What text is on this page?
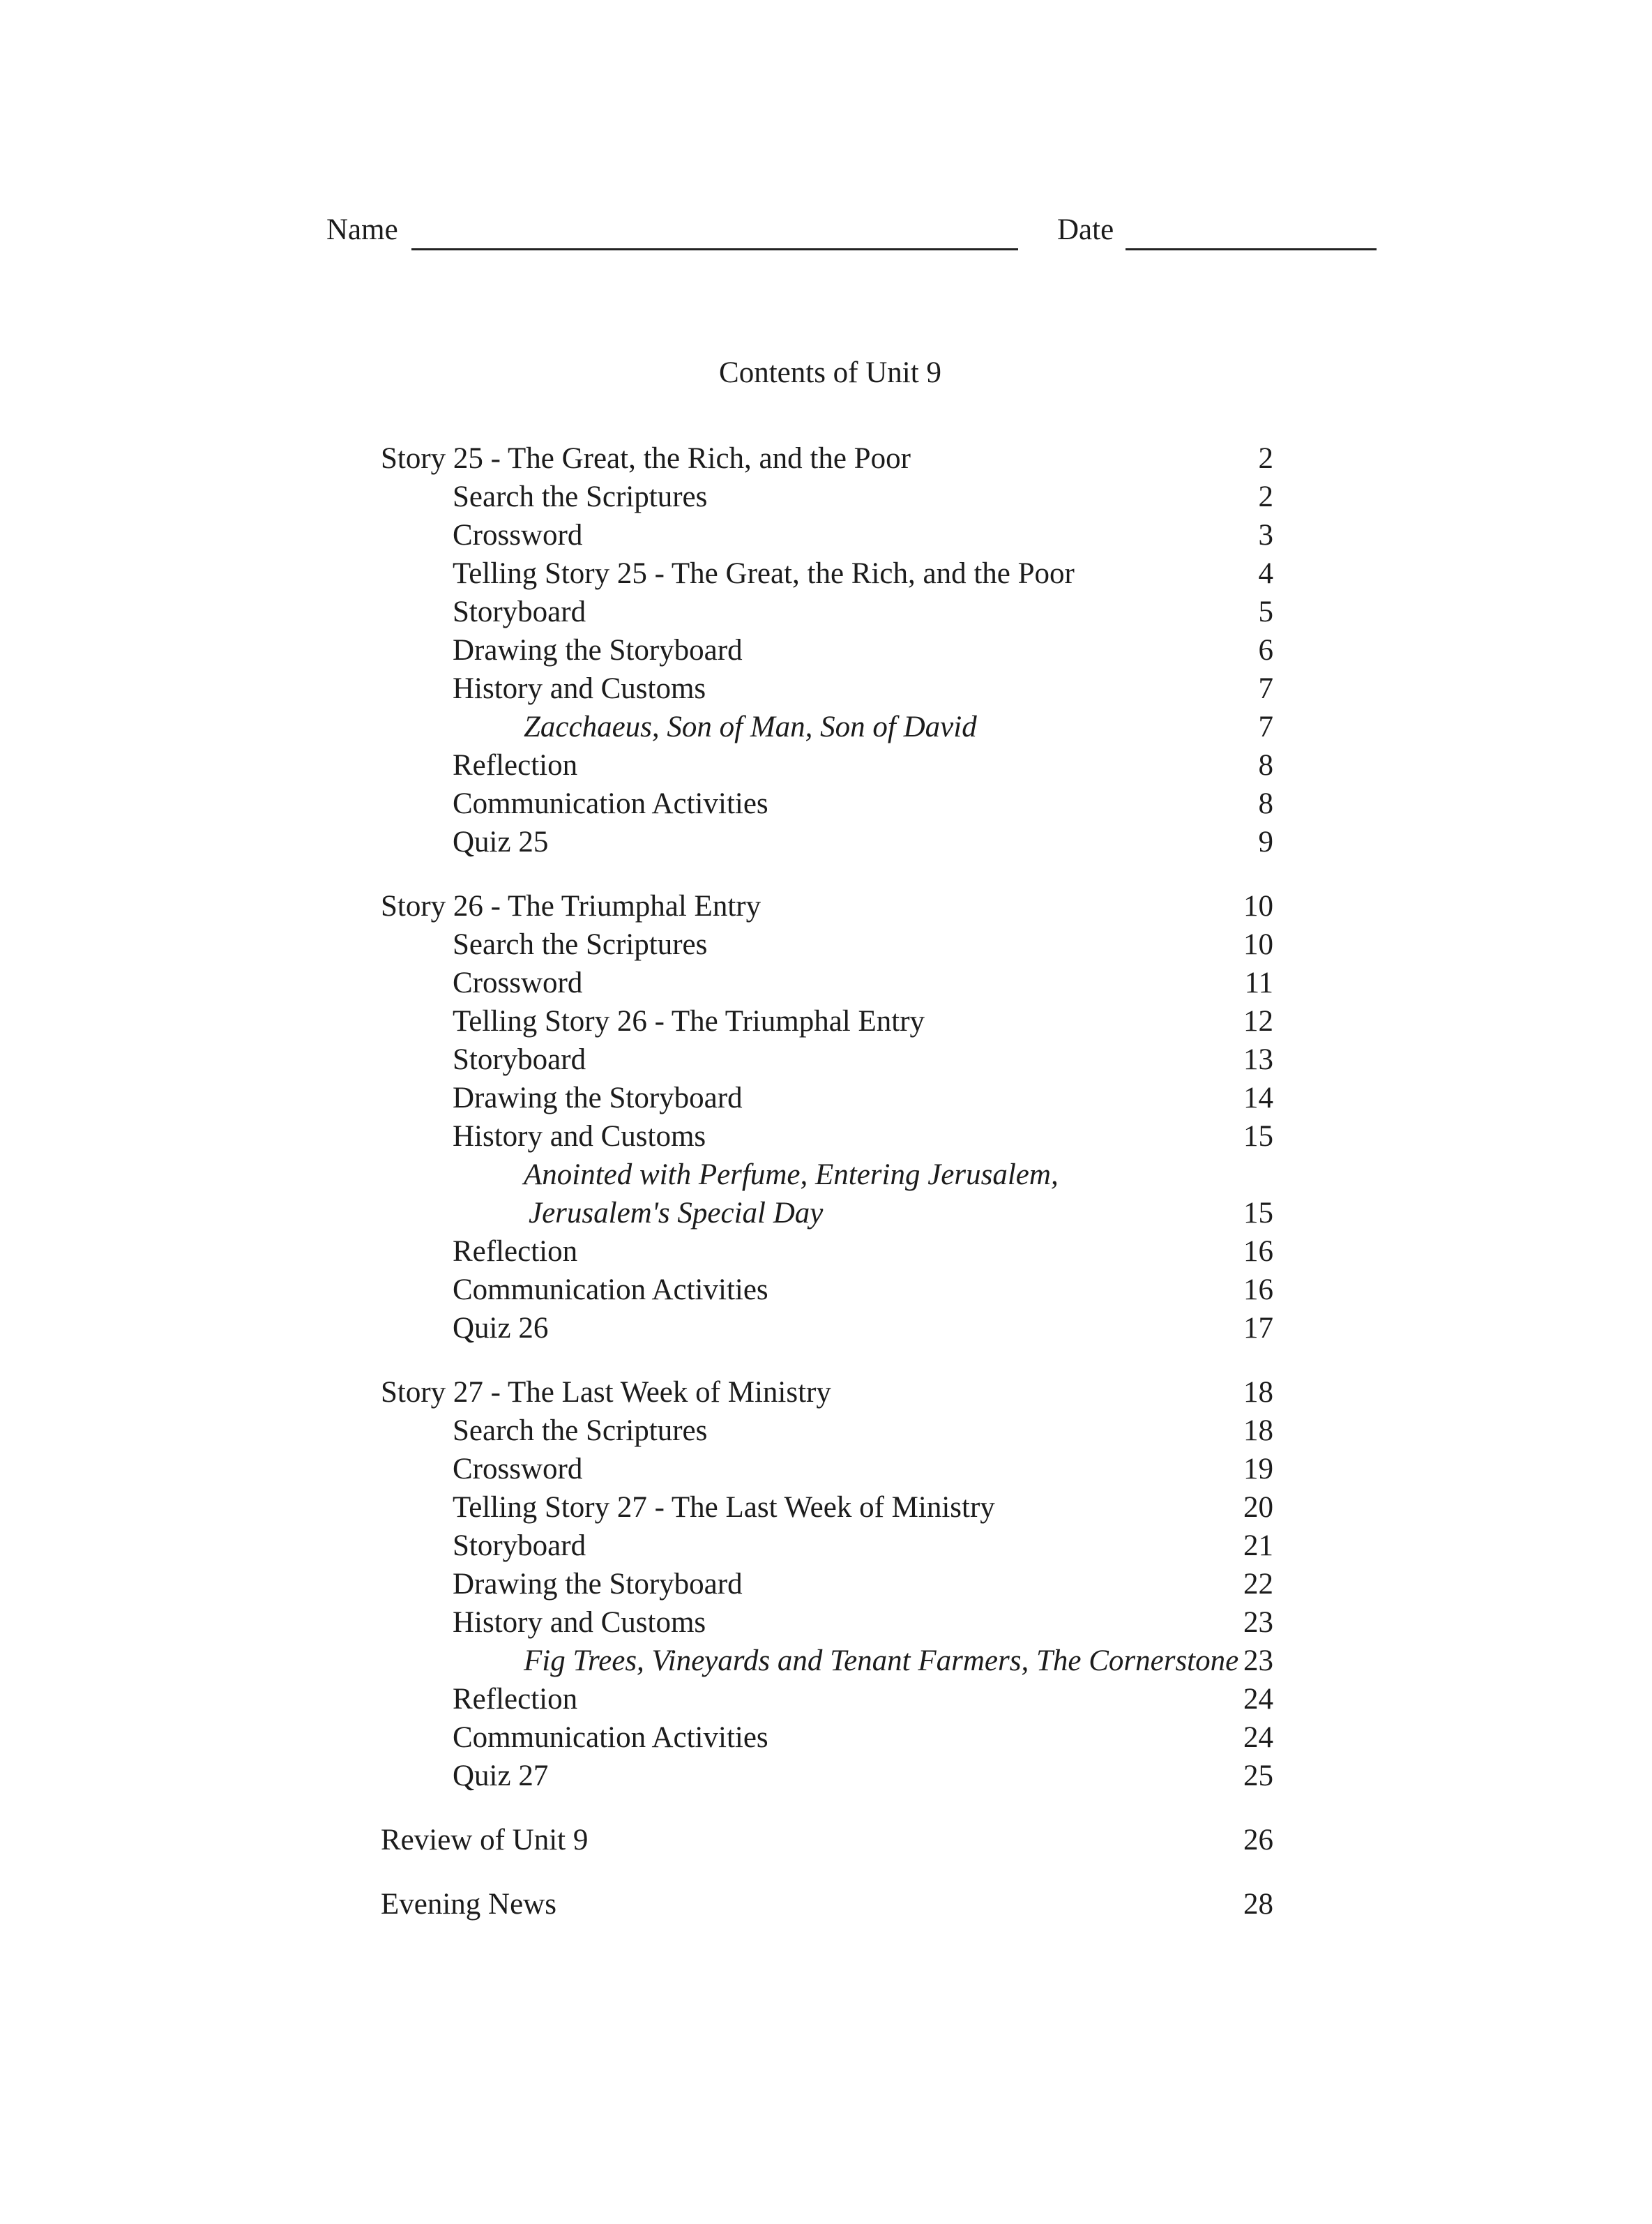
Name	Date
Contents of Unit 9
Story 25 - The Great, the Rich, and the Poor	2
Search the Scriptures	2
Crossword	3
Telling Story 25 - The Great, the Rich, and the Poor	4
Storyboard	5
Drawing the Storyboard	6
History and Customs	7
Zacchaeus, Son of Man, Son of David	7
Reflection	8
Communication Activities	8
Quiz 25	9
Story 26 - The Triumphal Entry	10
Search the Scriptures	10
Crossword	11
Telling Story 26 - The Triumphal Entry	12
Storyboard	13
Drawing the Storyboard	14
History and Customs	15
Anointed with Perfume, Entering Jerusalem,
Jerusalem's Special Day	15
Reflection	16
Communication Activities	16
Quiz 26	17
Story 27 - The Last Week of Ministry	18
Search the Scriptures	18
Crossword	19
Telling Story 27 - The Last Week of Ministry	20
Storyboard	21
Drawing the Storyboard	22
History and Customs	23
Fig Trees, Vineyards and Tenant Farmers, The Cornerstone 23
Reflection	24
Communication Activities	24
Quiz 27	25
Review of Unit 9	26
Evening News	28
